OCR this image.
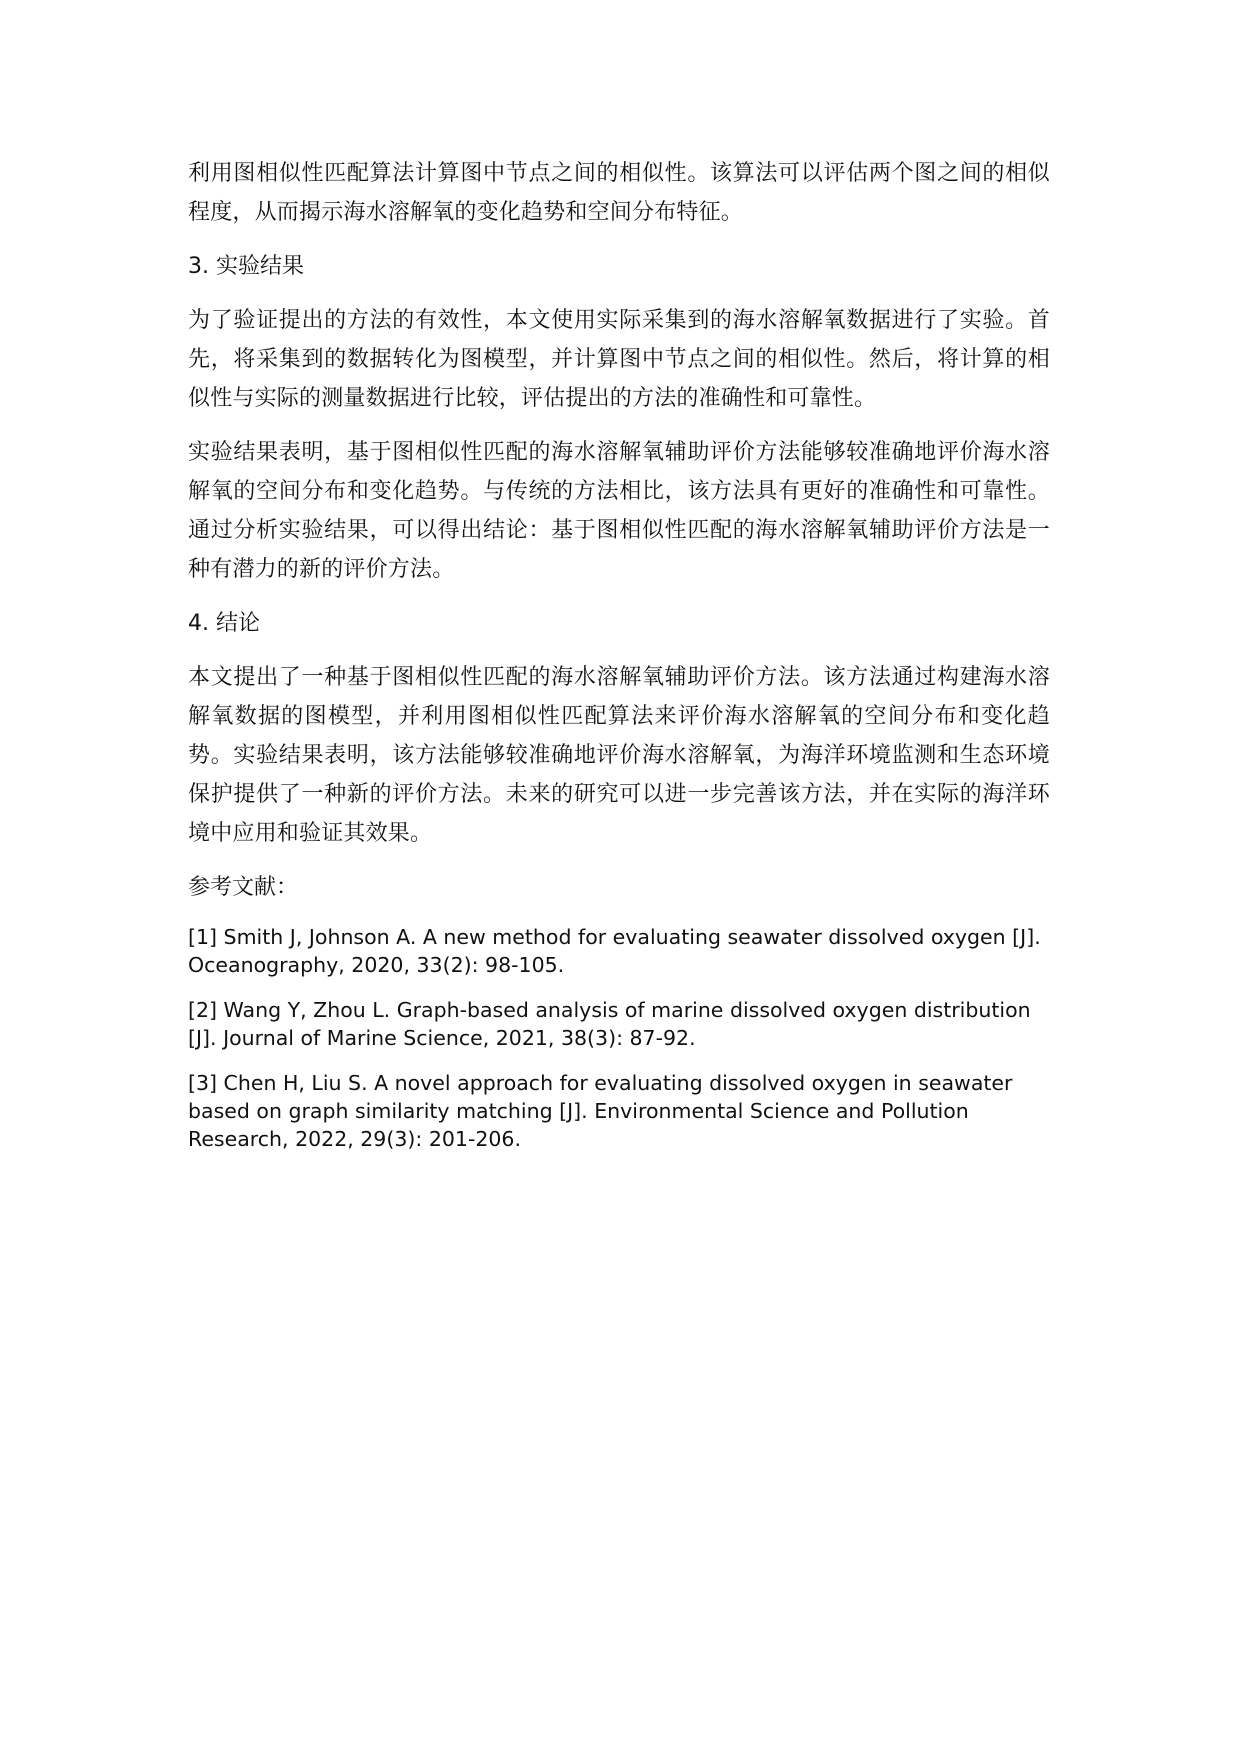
利用图相似性匹配算法计算图中节点之间的相似性。该算法可以评估两个图之间的相似程度，从而揭示海水溶解氧的变化趋势和空间分布特征。

3. 实验结果

为了验证提出的方法的有效性，本文使用实际采集到的海水溶解氧数据进行了实验。首先，将采集到的数据转化为图模型，并计算图中节点之间的相似性。然后，将计算的相似性与实际的测量数据进行比较，评估提出的方法的准确性和可靠性。

实验结果表明，基于图相似性匹配的海水溶解氧辅助评价方法能够较准确地评价海水溶解氧的空间分布和变化趋势。与传统的方法相比，该方法具有更好的准确性和可靠性。通过分析实验结果，可以得出结论：基于图相似性匹配的海水溶解氧辅助评价方法是一种有潜力的新的评价方法。

4. 结论

本文提出了一种基于图相似性匹配的海水溶解氧辅助评价方法。该方法通过构建海水溶解氧数据的图模型，并利用图相似性匹配算法来评价海水溶解氧的空间分布和变化趋势。实验结果表明，该方法能够较准确地评价海水溶解氧，为海洋环境监测和生态环境保护提供了一种新的评价方法。未来的研究可以进一步完善该方法，并在实际的海洋环境中应用和验证其效果。

参考文献：
[1] Smith J, Johnson A. A new method for evaluating seawater dissolved oxygen [J]. Oceanography, 2020, 33(2): 98-105.
[2] Wang Y, Zhou L. Graph-based analysis of marine dissolved oxygen distribution [J]. Journal of Marine Science, 2021, 38(3): 87-92.
[3] Chen H, Liu S. A novel approach for evaluating dissolved oxygen in seawater based on graph similarity matching [J]. Environmental Science and Pollution Research, 2022, 29(3): 201-206.
